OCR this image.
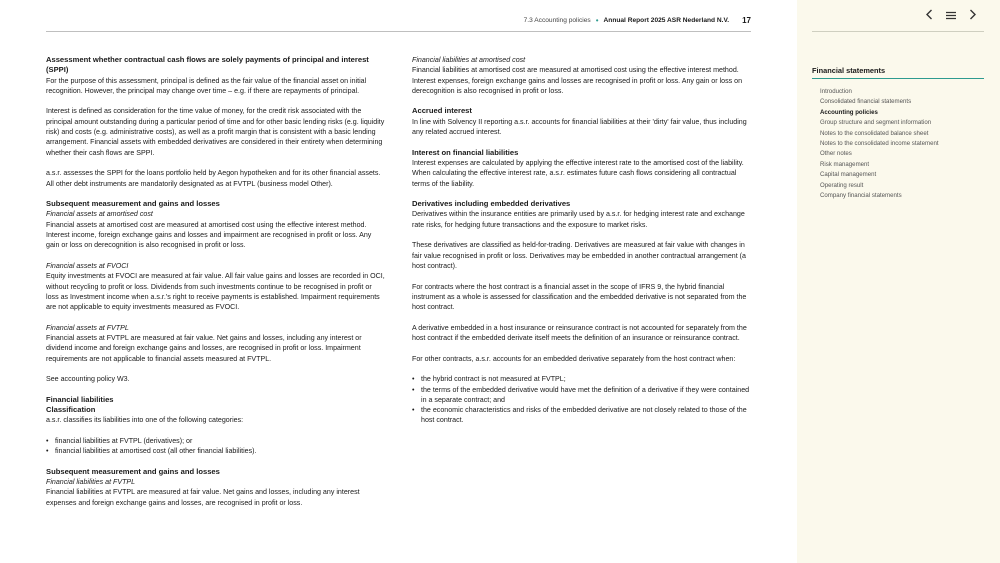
7.3 Accounting policies • Annual Report 2025 ASR Nederland N.V. 17
Assessment whether contractual cash flows are solely payments of principal and interest (SPPI)
For the purpose of this assessment, principal is defined as the fair value of the financial asset on initial recognition. However, the principal may change over time – e.g. if there are repayments of principal.

Interest is defined as consideration for the time value of money, for the credit risk associated with the principal amount outstanding during a particular period of time and for other basic lending risks (e.g. liquidity risk) and costs (e.g. administrative costs), as well as a profit margin that is consistent with a basic lending arrangement. Financial assets with embedded derivatives are considered in their entirety when determining whether their cash flows are SPPI.

a.s.r. assesses the SPPI for the loans portfolio held by Aegon hypotheken and for its other financial assets. All other debt instruments are mandatorily designated as at FVTPL (business model Other).

Subsequent measurement and gains and losses
Financial assets at amortised cost
Financial assets at amortised cost are measured at amortised cost using the effective interest method. Interest income, foreign exchange gains and losses and impairment are recognised in profit or loss. Any gain or loss on derecognition is also recognised in profit or loss.
Financial assets at FVOCI
Equity investments at FVOCI are measured at fair value. All fair value gains and losses are recorded in OCI, without recycling to profit or loss. Dividends from such investments continue to be recognised in profit or loss as Investment income when a.s.r.'s right to receive payments is established. Impairment requirements are not applicable to equity investments measured as FVOCI.
Financial assets at FVTPL
Financial assets at FVTPL are measured at fair value. Net gains and losses, including any interest or dividend income and foreign exchange gains and losses, are recognised in profit or loss. Impairment requirements are not applicable to financial assets measured at FVTPL.

See accounting policy W3.

Financial liabilities
Classification

a.s.r. classifies its liabilities into one of the following categories:

• financial liabilities at FVTPL (derivatives); or
• financial liabilities at amortised cost (all other financial liabilities).
Subsequent measurement and gains and losses
Financial liabilities at FVTPL
Financial liabilities at FVTPL are measured at fair value. Net gains and losses, including any interest expenses and foreign exchange gains and losses, are recognised in profit or loss.
Financial liabilities at amortised cost
Financial liabilities at amortised cost are measured at amortised cost using the effective interest method. Interest expenses, foreign exchange gains and losses are recognised in profit or loss. Any gain or loss on derecognition is also recognised in profit or loss.
Accrued interest
In line with Solvency II reporting a.s.r. accounts for financial liabilities at their 'dirty' fair value, thus including any related accrued interest.
Interest on financial liabilities
Interest expenses are calculated by applying the effective interest rate to the amortised cost of the liability. When calculating the effective interest rate, a.s.r. estimates future cash flows considering all contractual terms of the liability.
Derivatives including embedded derivatives
Derivatives within the insurance entities are primarily used by a.s.r. for hedging interest rate and exchange rate risks, for hedging future transactions and the exposure to market risks.

These derivatives are classified as held-for-trading. Derivatives are measured at fair value with changes in fair value recognised in profit or loss. Derivatives may be embedded in another contractual arrangement (a host contract).

For contracts where the host contract is a financial asset in the scope of IFRS 9, the hybrid financial instrument as a whole is assessed for classification and the embedded derivative is not separated from the host contract.

A derivative embedded in a host insurance or reinsurance contract is not accounted for separately from the host contract if the embedded derivate itself meets the definition of an insurance or reinsurance contract.

For other contracts, a.s.r. accounts for an embedded derivative separately from the host contract when:

• the hybrid contract is not measured at FVTPL;
• the terms of the embedded derivative would have met the definition of a derivative if they were contained in a separate contract; and
• the economic characteristics and risks of the embedded derivative are not closely related to those of the host contract.
Financial statements
Introduction
Consolidated financial statements
Accounting policies
Group structure and segment information
Notes to the consolidated balance sheet
Notes to the consolidated income statement
Other notes
Risk management
Capital management
Operating result
Company financial statements
